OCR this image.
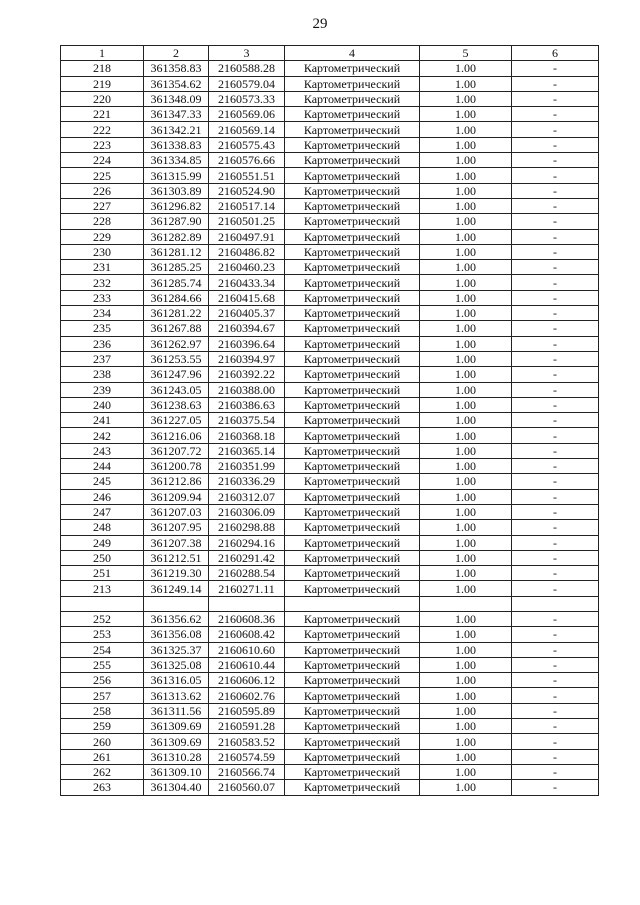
29
1	2	3	4	5	6
218	361358.83	2160588.28	Картометрический	1.00	-
219	361354.62	2160579.04	Картометрический	1.00	-
220	361348.09	2160573.33	Картометрический	1.00	-
221	361347.33	2160569.06	Картометрический	1.00	-
222	361342.21	2160569.14	Картометрический	1.00	-
223	361338.83	2160575.43	Картометрический	1.00	-
224	361334.85	2160576.66	Картометрический	1.00	-
225	361315.99	2160551.51	Картометрический	1.00	-
226	361303.89	2160524.90	Картометрический	1.00	-
227	361296.82	2160517.14	Картометрический	1.00	-
228	361287.90	2160501.25	Картометрический	1.00	-
229	361282.89	2160497.91	Картометрический	1.00	-
230	361281.12	2160486.82	Картометрический	1.00	-
231	361285.25	2160460.23	Картометрический	1.00	-
232	361285.74	2160433.34	Картометрический	1.00	-
233	361284.66	2160415.68	Картометрический	1.00	-
234	361281.22	2160405.37	Картометрический	1.00	-
235	361267.88	2160394.67	Картометрический	1.00	-
236	361262.97	2160396.64	Картометрический	1.00	-
237	361253.55	2160394.97	Картометрический	1.00	-
238	361247.96	2160392.22	Картометрический	1.00	-
239	361243.05	2160388.00	Картометрический	1.00	-
240	361238.63	2160386.63	Картометрический	1.00	-
241	361227.05	2160375.54	Картометрический	1.00	-
242	361216.06	2160368.18	Картометрический	1.00	-
243	361207.72	2160365.14	Картометрический	1.00	-
244	361200.78	2160351.99	Картометрический	1.00	-
245	361212.86	2160336.29	Картометрический	1.00	-
246	361209.94	2160312.07	Картометрический	1.00	-
247	361207.03	2160306.09	Картометрический	1.00	-
248	361207.95	2160298.88	Картометрический	1.00	-
249	361207.38	2160294.16	Картометрический	1.00	-
250	361212.51	2160291.42	Картометрический	1.00	-
251	361219.30	2160288.54	Картометрический	1.00	-
213	361249.14	2160271.11	Картометрический	1.00	-

252	361356.62	2160608.36	Картометрический	1.00	-
253	361356.08	2160608.42	Картометрический	1.00	-
254	361325.37	2160610.60	Картометрический	1.00	-
255	361325.08	2160610.44	Картометрический	1.00	-
256	361316.05	2160606.12	Картометрический	1.00	-
257	361313.62	2160602.76	Картометрический	1.00	-
258	361311.56	2160595.89	Картометрический	1.00	-
259	361309.69	2160591.28	Картометрический	1.00	-
260	361309.69	2160583.52	Картометрический	1.00	-
261	361310.28	2160574.59	Картометрический	1.00	-
262	361309.10	2160566.74	Картометрический	1.00	-
263	361304.40	2160560.07	Картометрический	1.00	-
